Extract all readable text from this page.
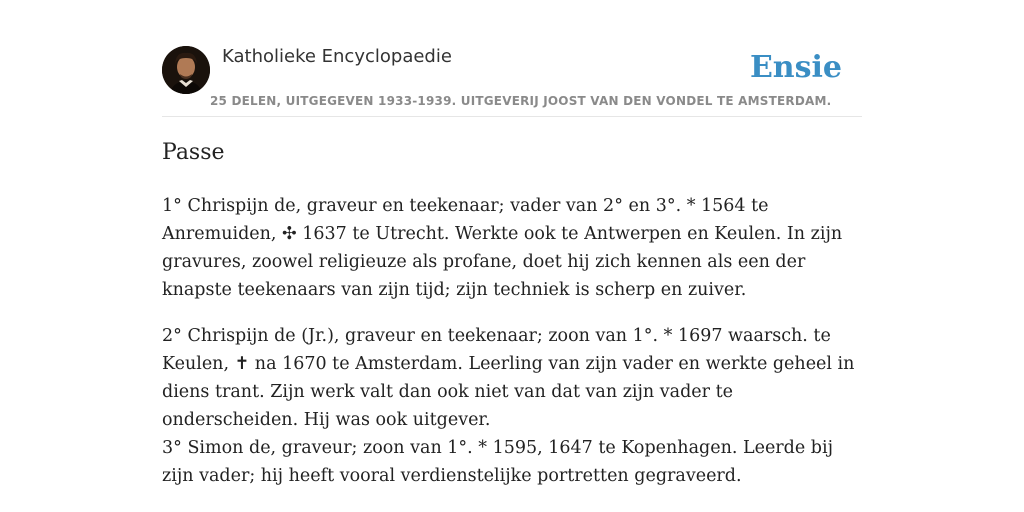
Katholieke Encyclopaedie
25 DELEN, UITGEGEVEN 1933-1939. UITGEVERIJ JOOST VAN DEN VONDEL TE AMSTERDAM.
Ensie
Passe

1° Chrispijn de, graveur en teekenaar; vader van 2° en 3°. * 1564 te Anremuiden, ✣ 1637 te Utrecht. Werkte ook te Antwerpen en Keulen. In zijn gravures, zoowel religieuze als profane, doet hij zich kennen als een der knapste teekenaars van zijn tijd; zijn techniek is scherp en zuiver.

2° Chrispijn de (Jr.), graveur en teekenaar; zoon van 1°. * 1697 waarsch. te Keulen, ✝ na 1670 te Amsterdam. Leerling van zijn vader en werkte geheel in diens trant. Zijn werk valt dan ook niet van dat van zijn vader te onderscheiden. Hij was ook uitgever.
3° Simon de, graveur; zoon van 1°. * 1595, 1647 te Kopenhagen. Leerde bij zijn vader; hij heeft vooral verdienstelijke portretten gegraveerd.
